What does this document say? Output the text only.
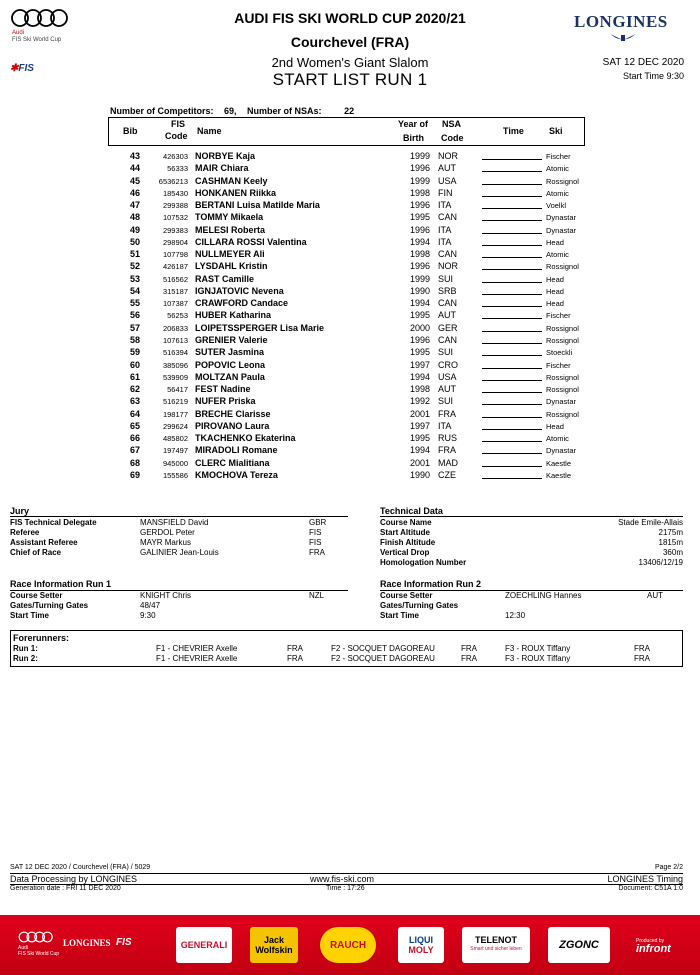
Audi
FIS Ski World Cup
✱FIS
AUDI FIS SKI WORLD CUP 2020/21
Courchevel (FRA)
2nd Women's Giant Slalom
START LIST RUN 1
LONGINES
SAT 12 DEC 2020
Start Time 9:30
Number of Competitors: 69, Number of NSAs:	22
Bib
FIS
Code Name
Year of
Birth
NSA
Code
Time	Ski
43	426303 NORBYE Kaja	1999 NOR	Fischer
44	56333 MAIR Chiara	1996 AUT	Atomic
45	6536213 CASHMAN Keely	1999 USA	Rossignol
46	185430 HONKANEN Riikka	1998 FIN	Atomic
47	299388 BERTANI Luisa Matilde Maria	1996 ITA	Voelkl
48	107532 TOMMY Mikaela	1995 CAN	Dynastar
49	299383 MELESI Roberta	1996 ITA	Dynastar
50	298904 CILLARA ROSSI Valentina	1994 ITA	Head
51	107798 NULLMEYER Ali	1998 CAN	Atomic
52	426187 LYSDAHL Kristin	1996 NOR	Rossignol
53	516562 RAST Camille	1999 SUI	Head
54	315187 IGNJATOVIC Nevena	1990 SRB	Head
55	107387 CRAWFORD Candace	1994 CAN	Head
56	56253 HUBER Katharina	1995 AUT	Fischer
57	206833 LOIPETSSPERGER Lisa Marie	2000 GER	Rossignol
58	107613 GRENIER Valerie	1996 CAN	Rossignol
59	516394 SUTER Jasmina	1995 SUI	Stoeckli
60	385096 POPOVIC Leona	1997 CRO	Fischer
61	539909 MOLTZAN Paula	1994 USA	Rossignol
62	56417 FEST Nadine	1998 AUT	Rossignol
63	516219 NUFER Priska	1992 SUI	Dynastar
64	198177 BRECHE Clarisse	2001 FRA	Rossignol
65	299624 PIROVANO Laura	1997 ITA	Head
66	485802 TKACHENKO Ekaterina	1995 RUS	Atomic
67	197497 MIRADOLI Romane	1994 FRA	Dynastar
68	945000 CLERC Mialitiana	2001 MAD	Kaestle
69	155586 KMOCHOVA Tereza	1990 CZE	Kaestle
Jury
FIS Technical Delegate	MANSFIELD David	GBR
Referee	GERDOL Peter	FIS
Assistant Referee	MAYR Markus	FIS
Chief of Race	GALINIER Jean-Louis	FRA
Technical Data
Course Name	Stade Emile-Allais
Start Altitude	2175m
Finish Altitude	1815m
Vertical Drop	360m
Homologation Number	13406/12/19
Race Information Run 1
Course Setter	KNIGHT Chris	NZL
Gates/Turning Gates	48/47
Start Time	9:30
Race Information Run 2
Course Setter	ZOECHLING Hannes	AUT
Gates/Turning Gates
Start Time	12:30
Forerunners:
Run 1:	F1 - CHEVRIER Axelle	FRA	F2 - SOCQUET DAGOREAU	FRA	F3 - ROUX Tiffany	FRA
Run 2:	F1 - CHEVRIER Axelle	FRA	F2 - SOCQUET DAGOREAU	FRA	F3 - ROUX Tiffany	FRA
SAT 12 DEC 2020 / Courchevel (FRA) / 5029	Page 2/2
Data Processing by LONGINES	www.fis-ski.com	LONGINES Timing
Generation date : FRI 11 DEC 2020	Time : 17:26	Document: C51A 1.0
Audi
FIS Ski World Cup
LONGINES FIS	GENERALI	Jack
Wolfskin	RAUCH	LIQUI
MOLY
TELENOT
Smart und sicher leben	ZGONC	Produced by
infront
